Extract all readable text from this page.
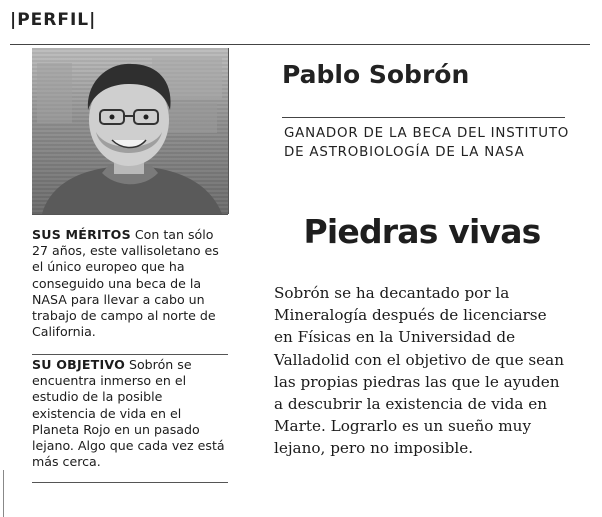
|PERFIL|
SUS MÉRITOS Con tan sólo 27 años, este vallisoletano es el único europeo que ha conseguido una beca de la NASA para llevar a cabo un trabajo de campo al norte de California.
SU OBJETIVO Sobrón se encuentra inmerso en el estudio de la posible existencia de vida en el Planeta Rojo en un pasado lejano. Algo que cada vez está más cerca.
Pablo Sobrón
GANADOR DE LA BECA DEL INSTITUTO DE ASTROBIOLOGÍA DE LA NASA
Piedras vivas
Sobrón se ha decantado por la Mineralogía después de licenciarse en Físicas en la Universidad de Valladolid con el objetivo de que sean las propias piedras las que le ayuden a descubrir la existencia de vida en Marte. Lograrlo es un sueño muy lejano, pero no imposible.
